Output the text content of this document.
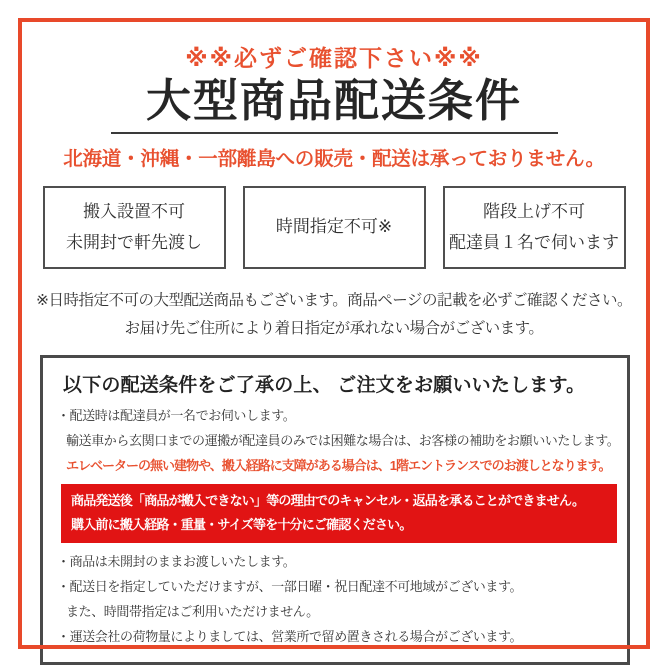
※※必ずご確認下さい※※
大型商品配送条件
北海道・沖縄・一部離島への販売・配送は承っておりません。
搬入設置不可
未開封で軒先渡し
時間指定不可※
階段上げ不可
配達員１名で伺います
※日時指定不可の大型配送商品もございます。商品ページの記載を必ずご確認ください。
お届け先ご住所により着日指定が承れない場合がございます。
以下の配送条件をご了承の上、 ご注文をお願いいたします。
・配送時は配達員が一名でお伺いします。
輸送車から玄関口までの運搬が配達員のみでは困難な場合は、お客様の補助をお願いいたします。
エレベーターの無い建物や、搬入経路に支障がある場合は、1階エントランスでのお渡しとなります。
商品発送後「商品が搬入できない」等の理由でのキャンセル・返品を承ることができません。
購入前に搬入経路・重量・サイズ等を十分にご確認ください。
・商品は未開封のままお渡しいたします。
・配送日を指定していただけますが、一部日曜・祝日配達不可地域がございます。
また、時間帯指定はご利用いただけません。
・運送会社の荷物量によりましては、営業所で留め置きされる場合がございます。
